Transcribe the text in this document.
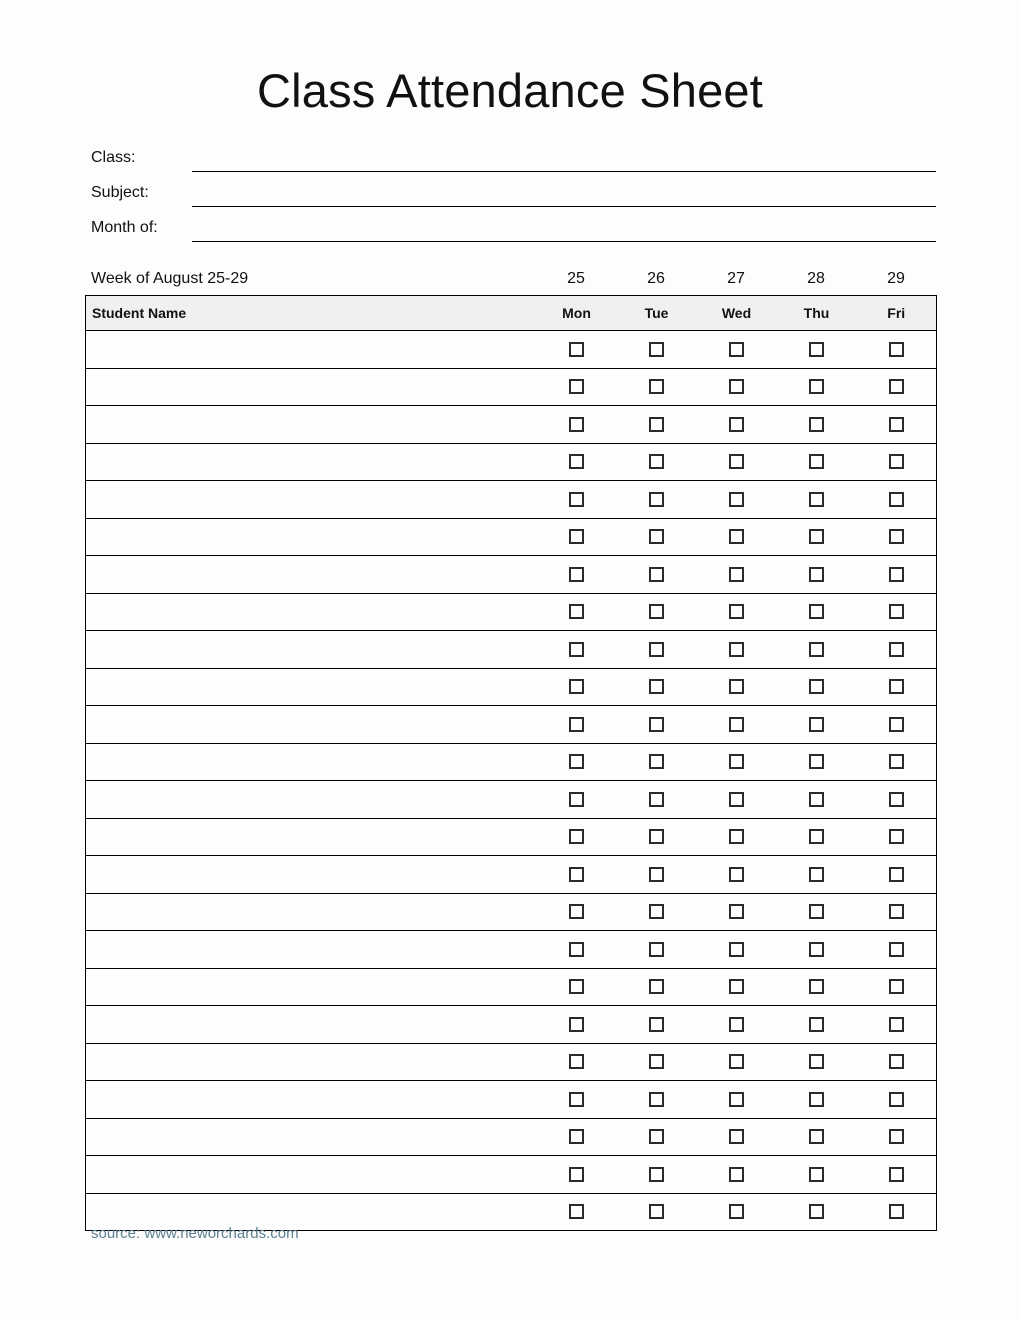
Class Attendance Sheet
Class:
Subject:
Month of:
Week of August 25-29	25	26	27	28	29
Student Name	Mon	Tue	Wed	Thu	Fri

source: www.neworchards.com
